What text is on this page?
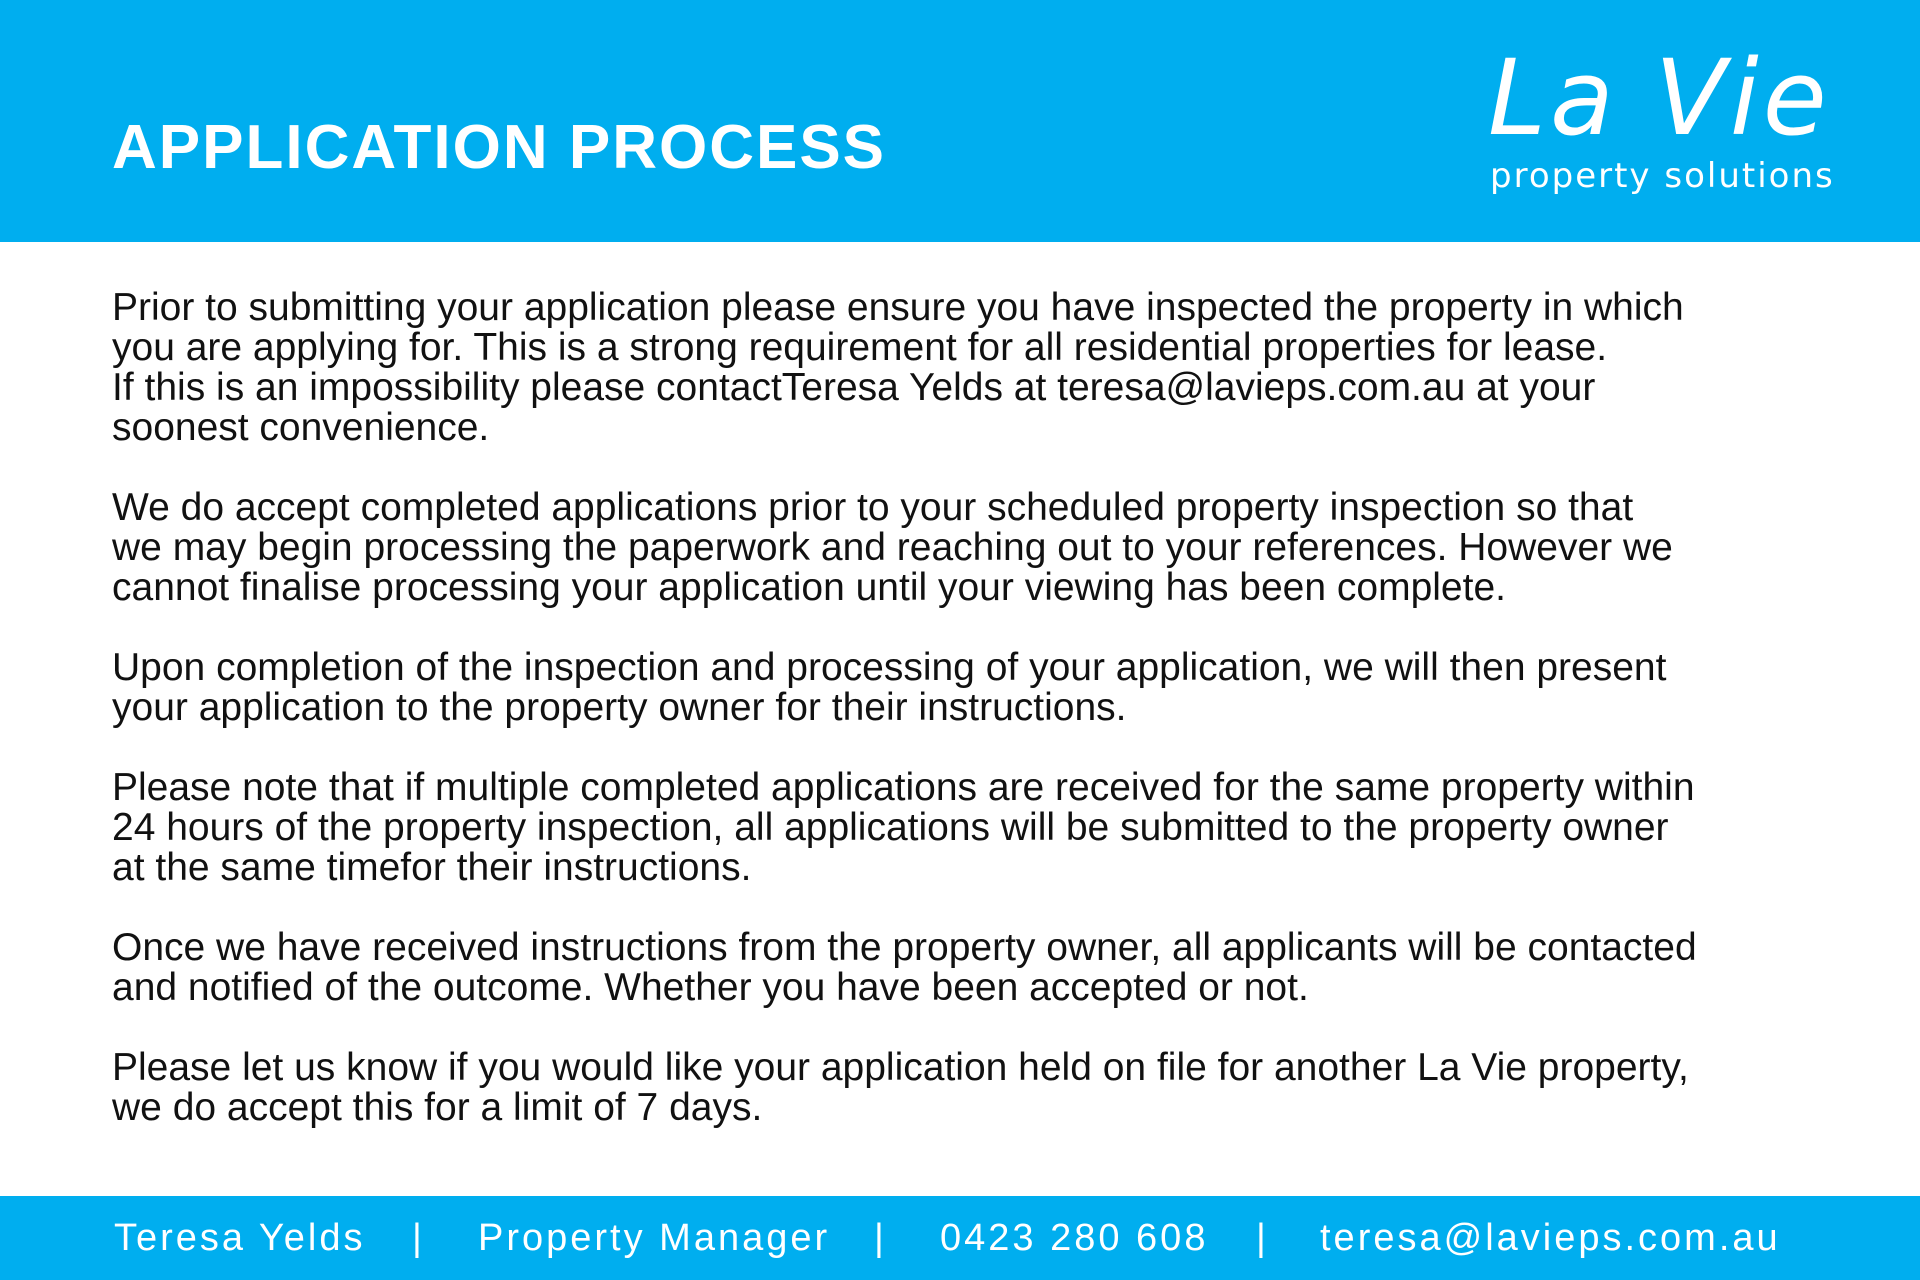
APPLICATION PROCESS	La Vie
property solutions

Prior to submitting your application please ensure you have inspected the property in which
you are applying for. This is a strong requirement for all residential properties for lease.
If this is an impossibility please contactTeresa Yelds at teresa@lavieps.com.au at your
soonest convenience.

We do accept completed applications prior to your scheduled property inspection so that
we may begin processing the paperwork and reaching out to your references. However we
cannot finalise processing your application until your viewing has been complete.

Upon completion of the inspection and processing of your application, we will then present
your application to the property owner for their instructions.

Please note that if multiple completed applications are received for the same property within
24 hours of the property inspection, all applications will be submitted to the property owner
at the same timefor their instructions.

Once we have received instructions from the property owner, all applicants will be contacted
and notified of the outcome. Whether you have been accepted or not.

Please let us know if you would like your application held on file for another La Vie property,
we do accept this for a limit of 7 days.

Teresa Yelds | Property Manager | 0423 280 608 | teresa@lavieps.com.au
